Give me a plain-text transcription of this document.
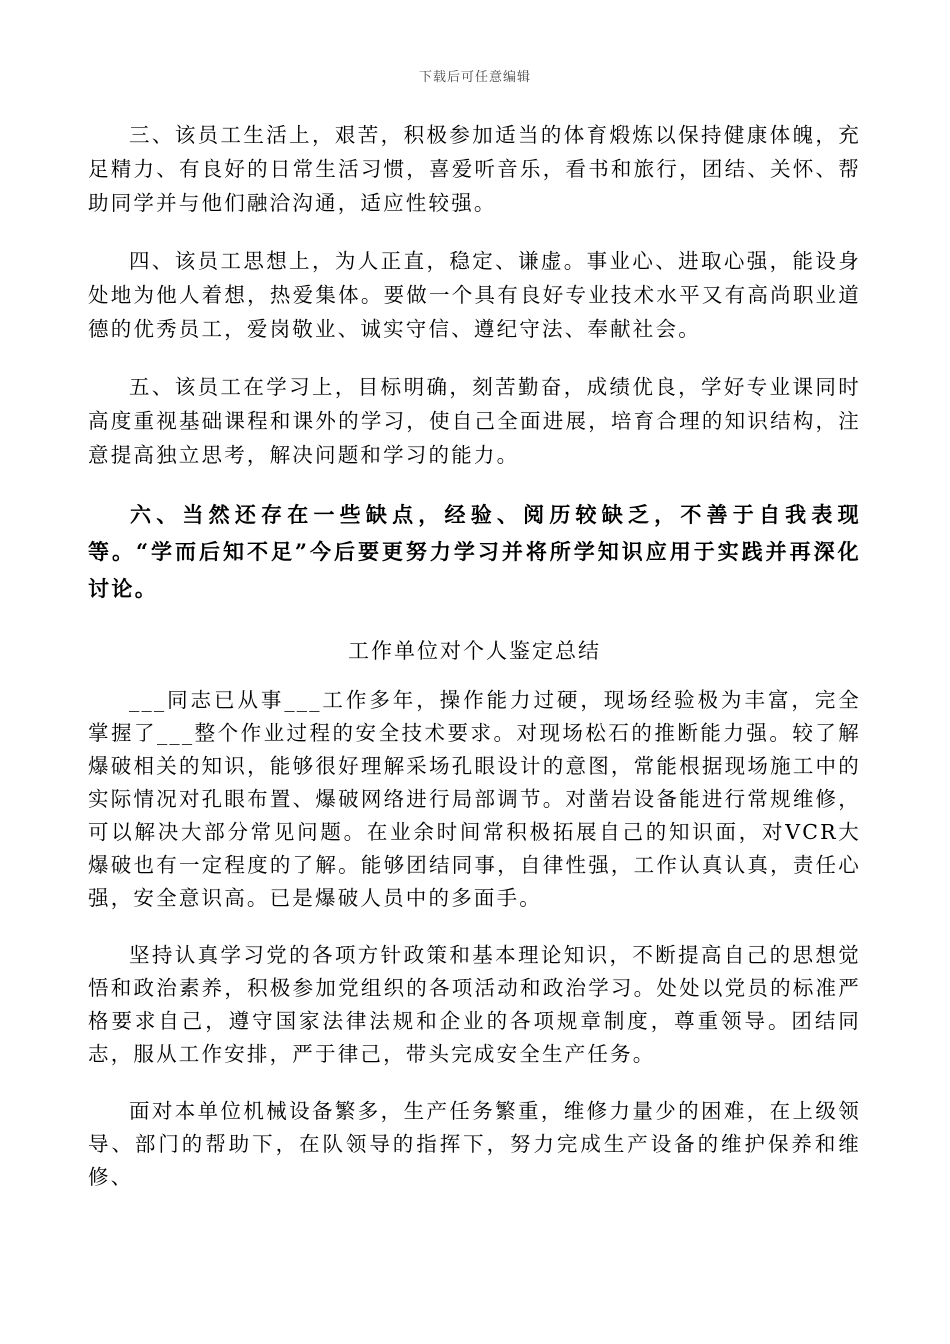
下载后可任意编辑

三、该员工生活上，艰苦，积极参加适当的体育煅炼以保持健康体魄，充足精力、有良好的日常生活习惯，喜爱听音乐，看书和旅行，团结、关怀、帮助同学并与他们融洽沟通，适应性较强。

四、该员工思想上，为人正直，稳定、谦虚。事业心、进取心强，能设身处地为他人着想，热爱集体。要做一个具有良好专业技术水平又有高尚职业道德的优秀员工，爱岗敬业、诚实守信、遵纪守法、奉献社会。

五、该员工在学习上，目标明确，刻苦勤奋，成绩优良，学好专业课同时高度重视基础课程和课外的学习，使自己全面进展，培育合理的知识结构，注意提高独立思考，解决问题和学习的能力。

六、当然还存在一些缺点，经验、阅历较缺乏，不善于自我表现等。“学而后知不足”今后要更努力学习并将所学知识应用于实践并再深化讨论。

工作单位对个人鉴定总结

___同志已从事___工作多年，操作能力过硬，现场经验极为丰富，完全掌握了___整个作业过程的安全技术要求。对现场松石的推断能力强。较了解爆破相关的知识，能够很好理解采场孔眼设计的意图，常能根据现场施工中的实际情况对孔眼布置、爆破网络进行局部调节。对凿岩设备能进行常规维修，可以解决大部分常见问题。在业余时间常积极拓展自己的知识面，对VCR大爆破也有一定程度的了解。能够团结同事，自律性强，工作认真认真，责任心强，安全意识高。已是爆破人员中的多面手。

坚持认真学习党的各项方针政策和基本理论知识，不断提高自己的思想觉悟和政治素养，积极参加党组织的各项活动和政治学习。处处以党员的标准严格要求自己，遵守国家法律法规和企业的各项规章制度，尊重领导。团结同志，服从工作安排，严于律己，带头完成安全生产任务。

面对本单位机械设备繁多，生产任务繁重，维修力量少的困难，在上级领导、部门的帮助下，在队领导的指挥下，努力完成生产设备的维护保养和维修、
